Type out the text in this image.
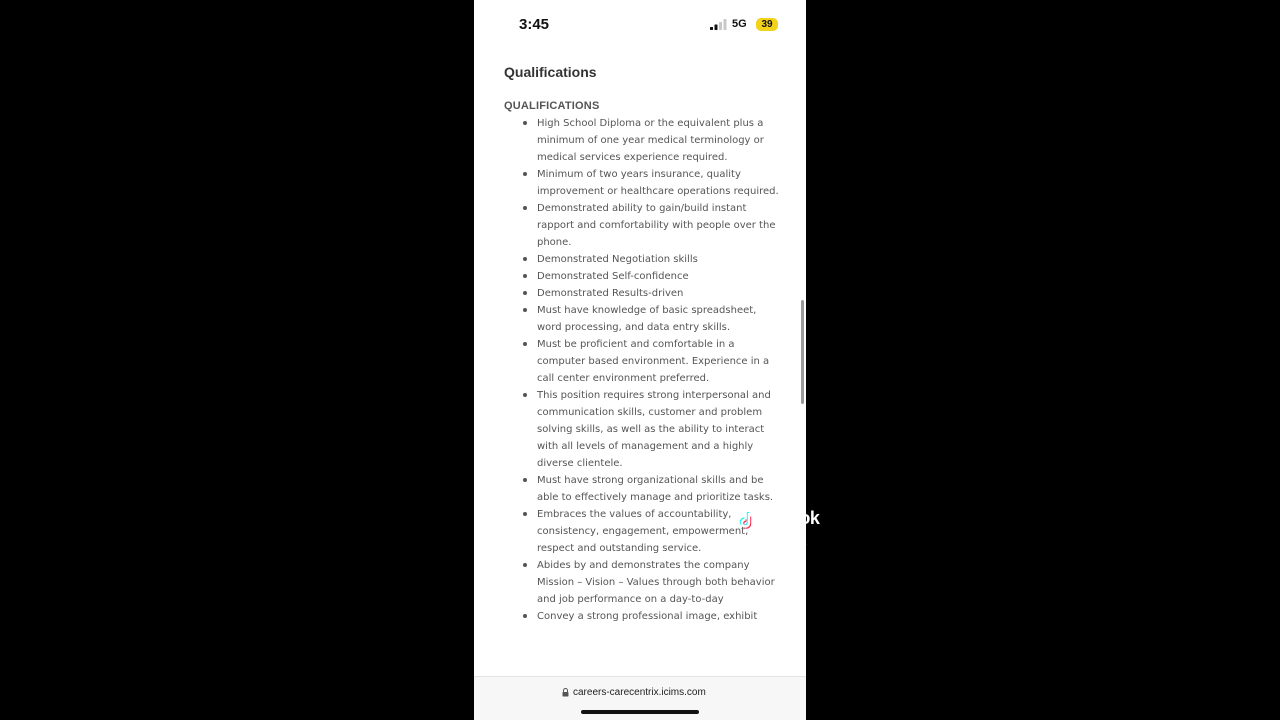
3:45	5G	39
Qualifications
QUALIFICATIONS
High School Diploma or the equivalent plus a minimum of one year medical terminology or medical services experience required.
Minimum of two years insurance, quality improvement or healthcare operations required.
Demonstrated ability to gain/build instant rapport and comfortability with people over the phone.
Demonstrated Negotiation skills
Demonstrated Self-confidence
Demonstrated Results-driven
Must have knowledge of basic spreadsheet, word processing, and data entry skills.
Must be proficient and comfortable in a computer based environment. Experience in a call center environment preferred.
This position requires strong interpersonal and communication skills, customer and problem solving skills, as well as the ability to interact with all levels of management and a highly diverse clientele.
Must have strong organizational skills and be able to effectively manage and prioritize tasks.
Embraces the values of accountability, consistency, engagement, empowerment, respect and outstanding service.
Abides by and demonstrates the company Mission – Vision – Values through both behavior and job performance on a day-to-day
Convey a strong professional image, exhibit
careers-carecentrix.icims.com
TikTok
@workfromhome
